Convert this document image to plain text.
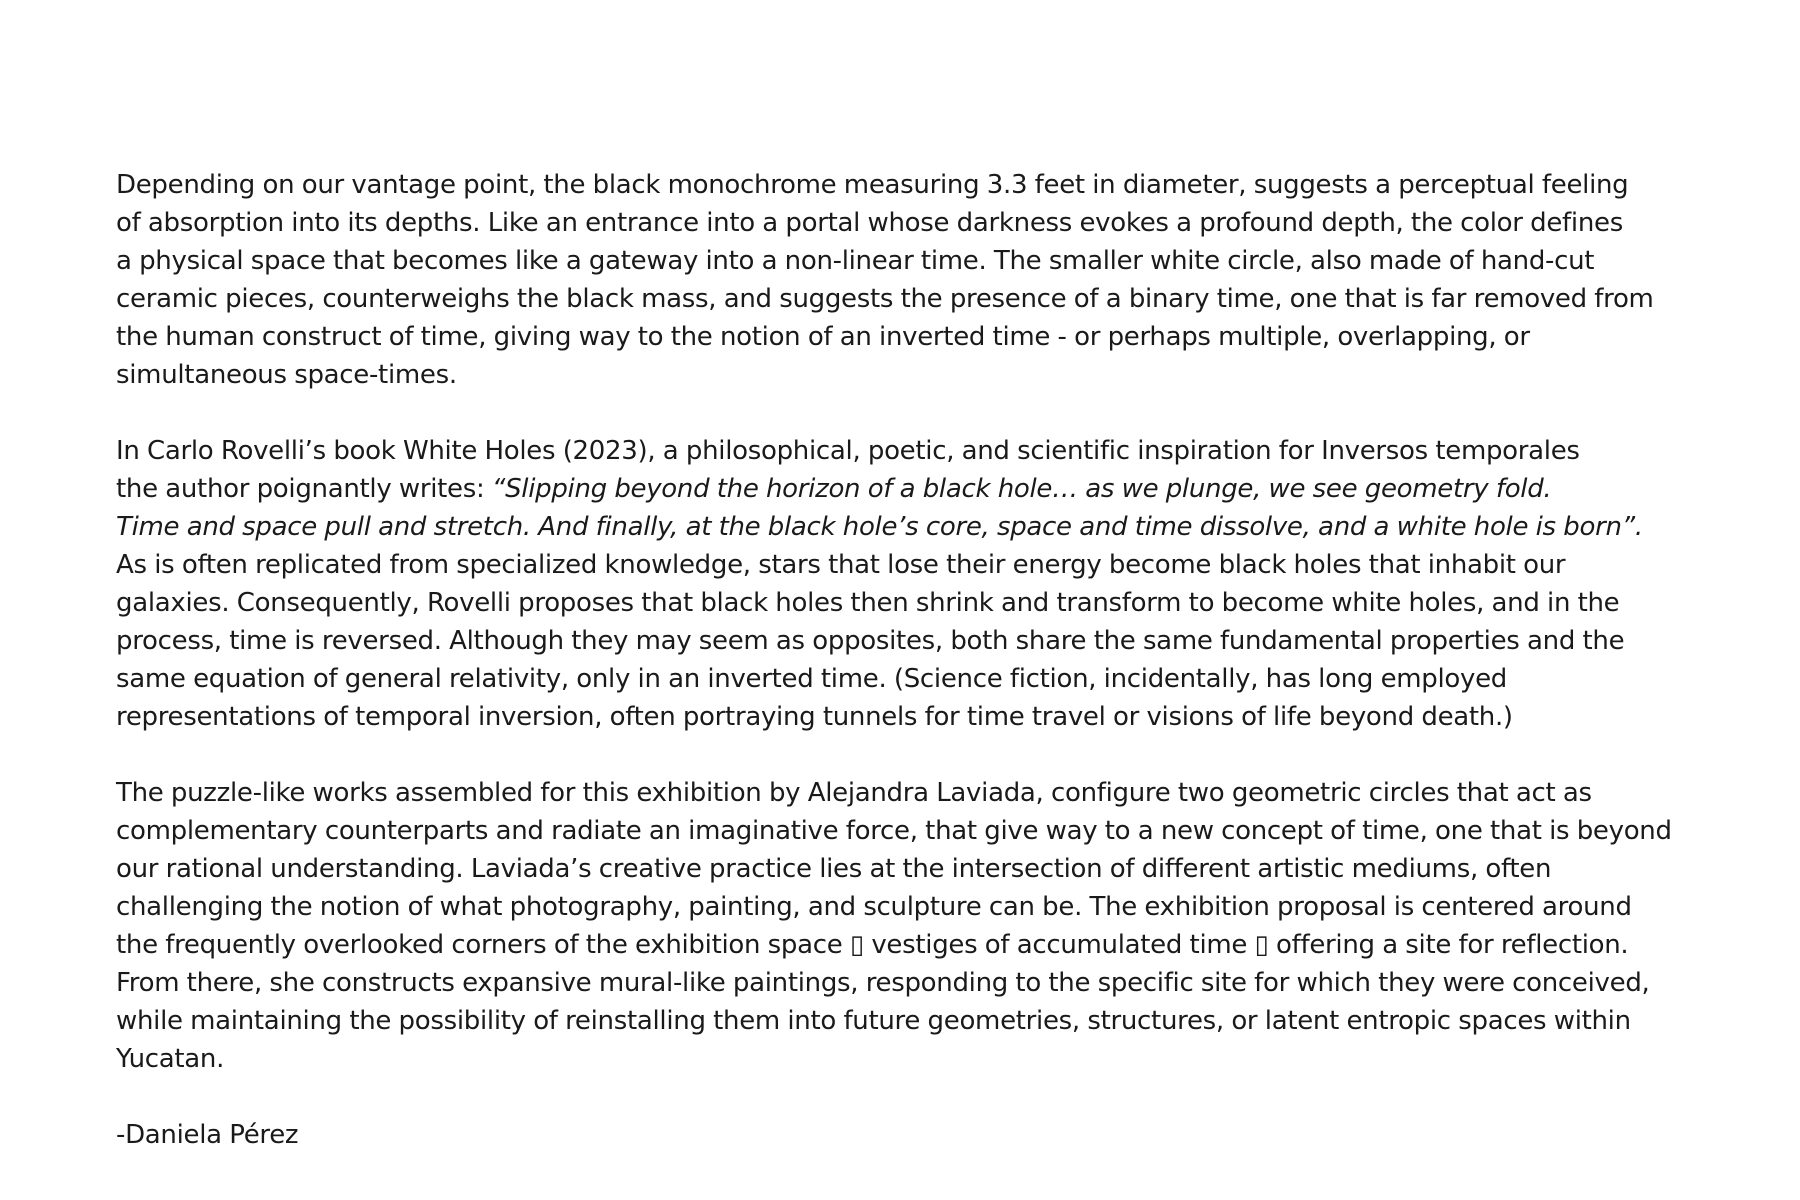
Depending on our vantage point, the black monochrome measuring 3.3 feet in diameter, suggests a perceptual feeling
of absorption into its depths. Like an entrance into a portal whose darkness evokes a profound depth, the color defines
a physical space that becomes like a gateway into a non-linear time. The smaller white circle, also made of hand-cut
ceramic pieces, counterweighs the black mass, and suggests the presence of a binary time, one that is far removed from
the human construct of time, giving way to the notion of an inverted time - or perhaps multiple, overlapping, or
simultaneous space-times.

In Carlo Rovelli’s book White Holes (2023), a philosophical, poetic, and scientific inspiration for Inversos temporales
the author poignantly writes: “Slipping beyond the horizon of a black hole… as we plunge, we see geometry fold.
Time and space pull and stretch. And finally, at the black hole’s core, space and time dissolve, and a white hole is born”.
As is often replicated from specialized knowledge, stars that lose their energy become black holes that inhabit our
galaxies. Consequently, Rovelli proposes that black holes then shrink and transform to become white holes, and in the
process, time is reversed. Although they may seem as opposites, both share the same fundamental properties and the
same equation of general relativity, only in an inverted time. (Science fiction, incidentally, has long employed
representations of temporal inversion, often portraying tunnels for time travel or visions of life beyond death.)

The puzzle-like works assembled for this exhibition by Alejandra Laviada, configure two geometric circles that act as
complementary counterparts and radiate an imaginative force, that give way to a new concept of time, one that is beyond
our rational understanding. Laviada’s creative practice lies at the intersection of different artistic mediums, often
challenging the notion of what photography, painting, and sculpture can be. The exhibition proposal is centered around
the frequently overlooked corners of the exhibition space ▯ vestiges of accumulated time ▯ offering a site for reflection.
From there, she constructs expansive mural-like paintings, responding to the specific site for which they were conceived,
while maintaining the possibility of reinstalling them into future geometries, structures, or latent entropic spaces within
Yucatan.

-Daniela Pérez
